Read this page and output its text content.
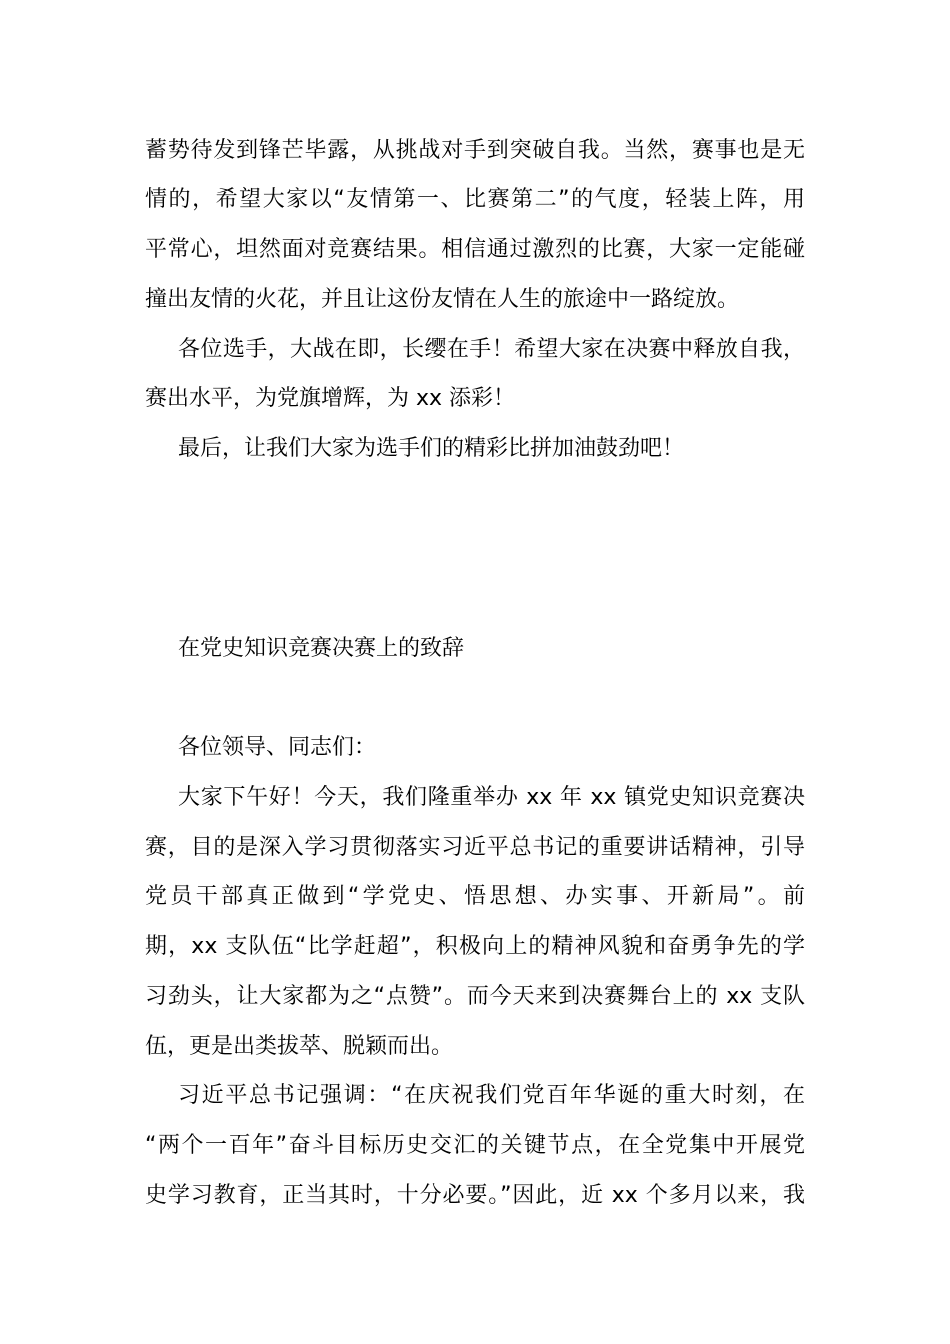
蓄势待发到锋芒毕露，从挑战对手到突破自我。当然，赛事也是无
情的，希望大家以“友情第一、比赛第二”的气度，轻装上阵，用
平常心，坦然面对竞赛结果。相信通过激烈的比赛，大家一定能碰
撞出友情的火花，并且让这份友情在人生的旅途中一路绽放。
各位选手，大战在即，长缨在手！希望大家在决赛中释放自我，
赛出水平，为党旗增辉，为 xx 添彩！
最后，让我们大家为选手们的精彩比拼加油鼓劲吧！
在党史知识竞赛决赛上的致辞
各位领导、同志们：
大家下午好！今天，我们隆重举办 xx 年 xx 镇党史知识竞赛决
赛，目的是深入学习贯彻落实习近平总书记的重要讲话精神，引导
党员干部真正做到“学党史、悟思想、办实事、开新局”。前
期，xx 支队伍“比学赶超”，积极向上的精神风貌和奋勇争先的学
习劲头，让大家都为之“点赞”。而今天来到决赛舞台上的 xx 支队
伍，更是出类拔萃、脱颖而出。
习近平总书记强调：“在庆祝我们党百年华诞的重大时刻，在
“两个一百年”奋斗目标历史交汇的关键节点，在全党集中开展党
史学习教育，正当其时，十分必要。”因此，近 xx 个多月以来，我
